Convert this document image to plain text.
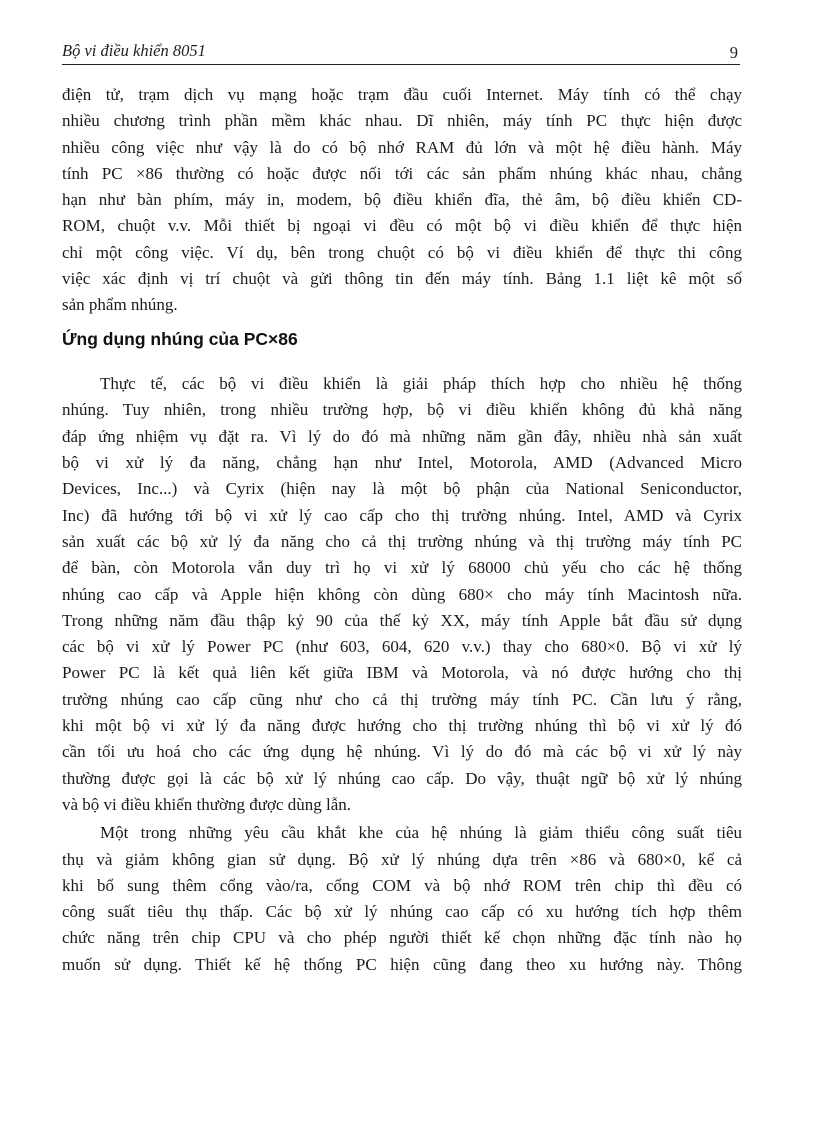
Bộ vi điều khiển 8051	9
điện tử, trạm dịch vụ mạng hoặc trạm đầu cuối Internet. Máy tính có thể chạy
nhiều chương trình phần mềm khác nhau. Dĩ nhiên, máy tính PC thực hiện được
nhiều công việc như vậy là do có bộ nhớ RAM đủ lớn và một hệ điều hành. Máy
tính PC ×86 thường có hoặc được nối tới các sản phẩm nhúng khác nhau, chẳng
hạn như bàn phím, máy in, modem, bộ điều khiển đĩa, thẻ âm, bộ điều khiển CD-
ROM, chuột v.v. Mỗi thiết bị ngoại vi đều có một bộ vi điều khiển để thực hiện
chỉ một công việc. Ví dụ, bên trong chuột có bộ vi điều khiển để thực thi công
việc xác định vị trí chuột và gửi thông tin đến máy tính. Bảng 1.1 liệt kê một số
sản phẩm nhúng.
Ứng dụng nhúng của PC×86
Thực tế, các bộ vi điều khiển là giải pháp thích hợp cho nhiều hệ thống
nhúng. Tuy nhiên, trong nhiều trường hợp, bộ vi điều khiển không đủ khả năng
đáp ứng nhiệm vụ đặt ra. Vì lý do đó mà những năm gần đây, nhiều nhà sản xuất
bộ vi xử lý đa năng, chẳng hạn như Intel, Motorola, AMD (Advanced Micro
Devices, Inc...) và Cyrix (hiện nay là một bộ phận của National Seniconductor,
Inc) đã hướng tới bộ vi xử lý cao cấp cho thị trường nhúng. Intel, AMD và Cyrix
sản xuất các bộ xử lý đa năng cho cả thị trường nhúng và thị trường máy tính PC
để bàn, còn Motorola vẫn duy trì họ vi xử lý 68000 chủ yếu cho các hệ thống
nhúng cao cấp và Apple hiện không còn dùng 680× cho máy tính Macintosh nữa.
Trong những năm đầu thập kỷ 90 của thế kỷ XX, máy tính Apple bắt đầu sử dụng
các bộ vi xử lý Power PC (như 603, 604, 620 v.v.) thay cho 680×0. Bộ vi xử lý
Power PC là kết quả liên kết giữa IBM và Motorola, và nó được hướng cho thị
trường nhúng cao cấp cũng như cho cả thị trường máy tính PC. Cần lưu ý rằng,
khi một bộ vi xử lý đa năng được hướng cho thị trường nhúng thì bộ vi xử lý đó
cần tối ưu hoá cho các ứng dụng hệ nhúng. Vì lý do đó mà các bộ vi xử lý này
thường được gọi là các bộ xử lý nhúng cao cấp. Do vậy, thuật ngữ bộ xử lý nhúng
và bộ vi điều khiển thường được dùng lẫn.
Một trong những yêu cầu khắt khe của hệ nhúng là giảm thiểu công suất tiêu
thụ và giảm không gian sử dụng. Bộ xử lý nhúng dựa trên ×86 và 680×0, kể cả
khi bổ sung thêm cổng vào/ra, cổng COM và bộ nhớ ROM trên chip thì đều có
công suất tiêu thụ thấp. Các bộ xử lý nhúng cao cấp có xu hướng tích hợp thêm
chức năng trên chip CPU và cho phép người thiết kế chọn những đặc tính nào họ
muốn sử dụng. Thiết kế hệ thống PC hiện cũng đang theo xu hướng này. Thông
